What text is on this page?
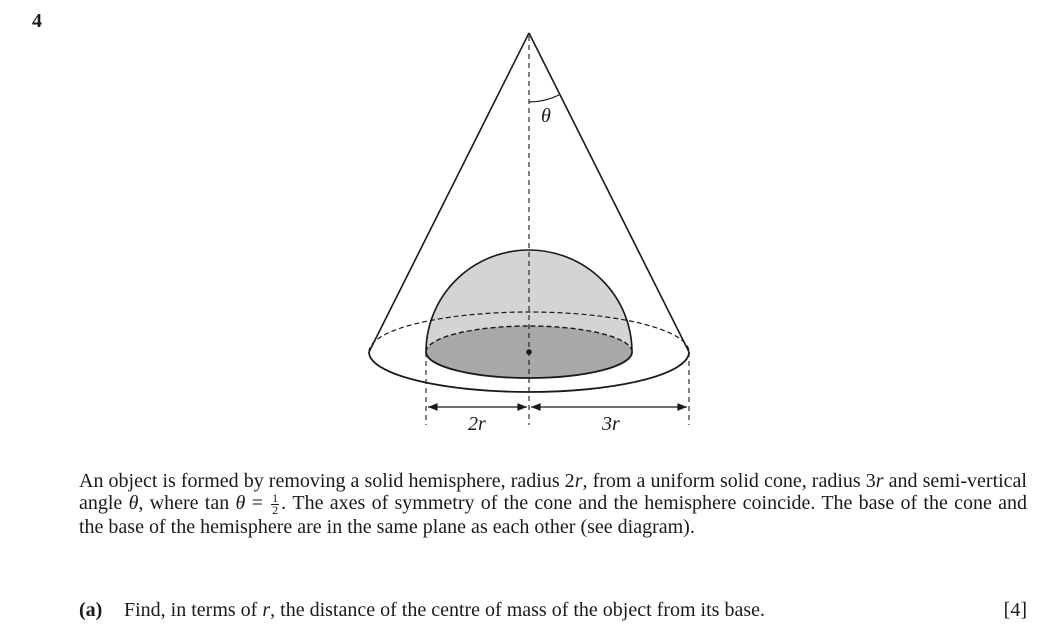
4
θ
2r	3r

An object is formed by removing a solid hemisphere, radius 2r, from a uniform solid cone, radius 3r and semi-vertical angle θ, where $\tan \theta = \frac{1}{2}$ . The axes of symmetry of the cone and the hemisphere coincide. The base of the cone and the base of the hemisphere are in the same plane as each other (see diagram).

(a) Find, in terms of r, the distance of the centre of mass of the object from its base.	[4]
